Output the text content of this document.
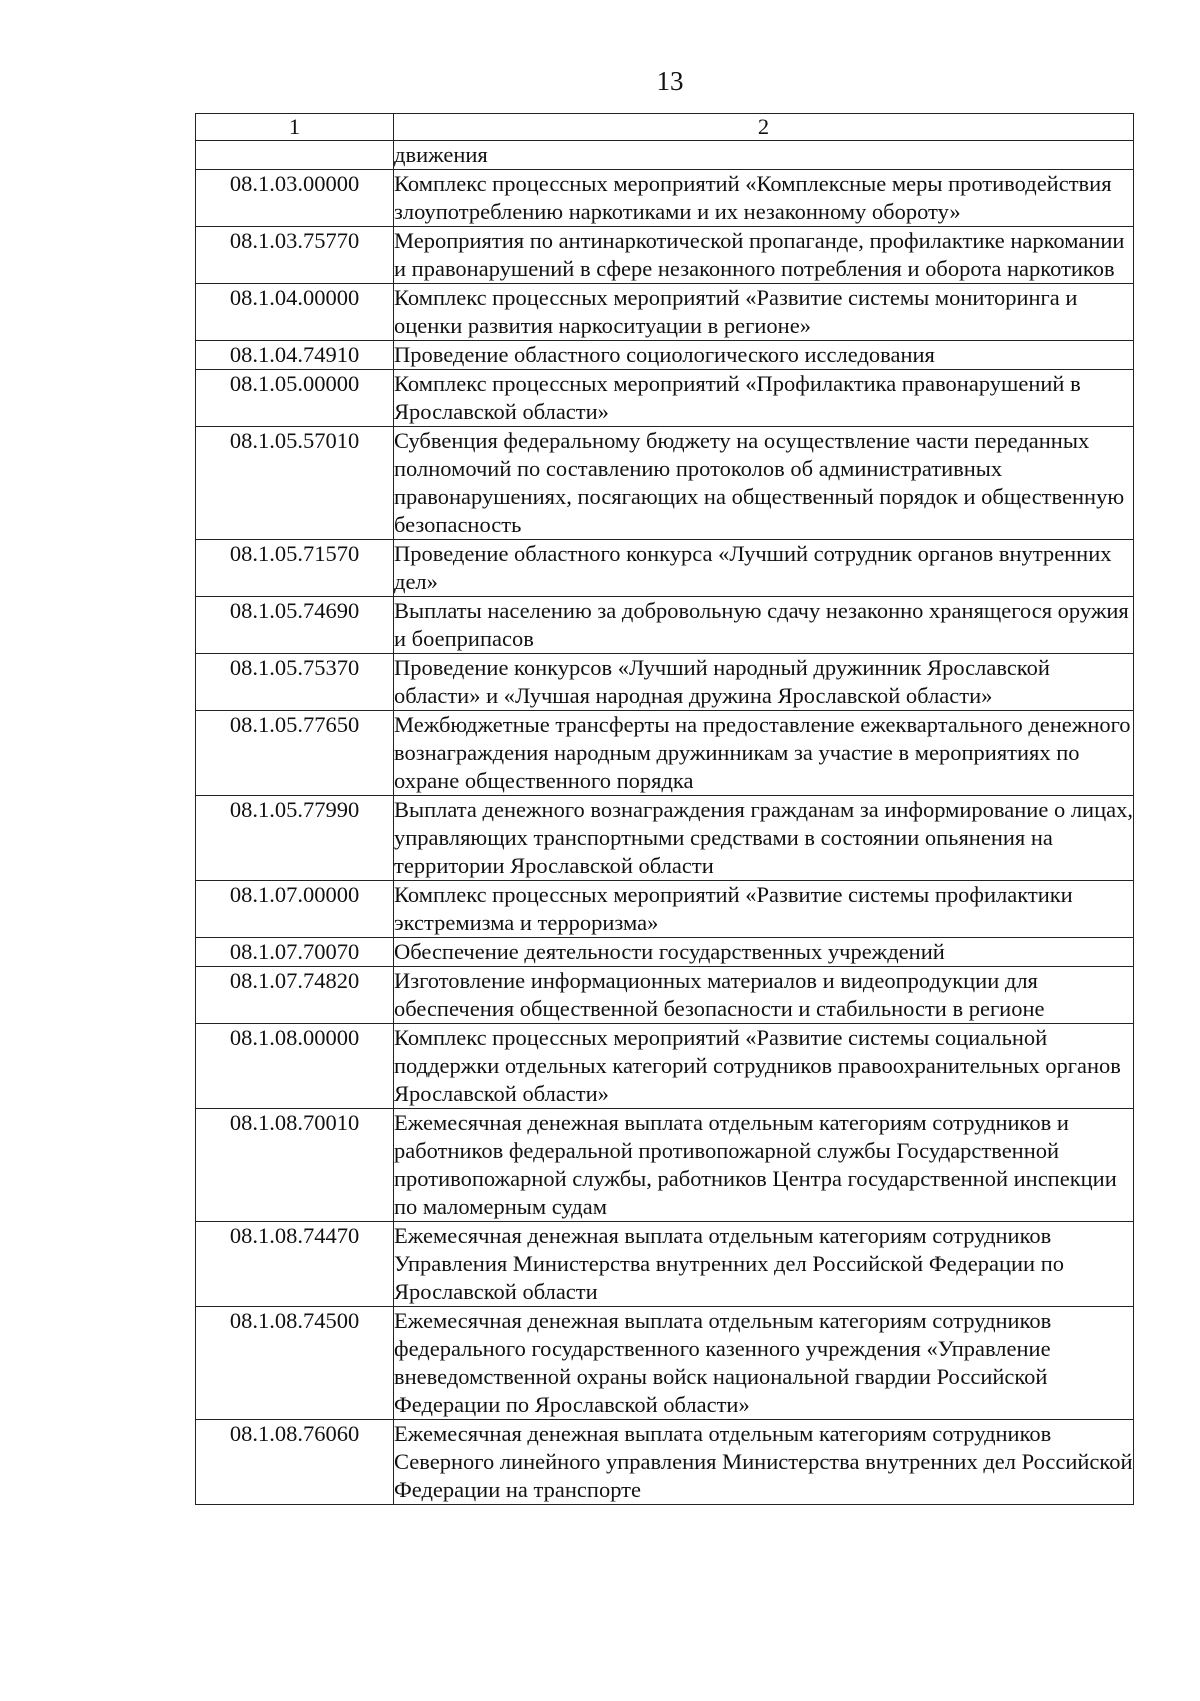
13
1	2
	движения
08.1.03.00000	Комплекс процессных мероприятий «Комплексные меры противодействия злоупотреблению наркотиками и их незаконному обороту»
08.1.03.75770	Мероприятия по антинаркотической пропаганде, профилактике наркомании и правонарушений в сфере незаконного потребления и оборота наркотиков
08.1.04.00000	Комплекс процессных мероприятий «Развитие системы мониторинга и оценки развития наркоситуации в регионе»
08.1.04.74910	Проведение областного социологического исследования
08.1.05.00000	Комплекс процессных мероприятий «Профилактика правонарушений в Ярославской области»
08.1.05.57010	Субвенция федеральному бюджету на осуществление части переданных полномочий по составлению протоколов об административных правонарушениях, посягающих на общественный порядок и общественную безопасность
08.1.05.71570	Проведение областного конкурса «Лучший сотрудник органов внутренних дел»
08.1.05.74690	Выплаты населению за добровольную сдачу незаконно хранящегося оружия и боеприпасов
08.1.05.75370	Проведение конкурсов «Лучший народный дружинник Ярославской области» и «Лучшая народная дружина Ярославской области»
08.1.05.77650	Межбюджетные трансферты на предоставление ежеквартального денежного вознаграждения народным дружинникам за участие в мероприятиях по охране общественного порядка
08.1.05.77990	Выплата денежного вознаграждения гражданам за информирование о лицах, управляющих транспортными средствами в состоянии опьянения на территории Ярославской области
08.1.07.00000	Комплекс процессных мероприятий «Развитие системы профилактики экстремизма и терроризма»
08.1.07.70070	Обеспечение деятельности государственных учреждений
08.1.07.74820	Изготовление информационных материалов и видеопродукции для обеспечения общественной безопасности и стабильности в регионе
08.1.08.00000	Комплекс процессных мероприятий «Развитие системы социальной поддержки отдельных категорий сотрудников правоохранительных органов Ярославской области»
08.1.08.70010	Ежемесячная денежная выплата отдельным категориям сотрудников и работников федеральной противопожарной службы Государственной противопожарной службы, работников Центра государственной инспекции по маломерным судам
08.1.08.74470	Ежемесячная денежная выплата отдельным категориям сотрудников Управления Министерства внутренних дел Российской Федерации по Ярославской области
08.1.08.74500	Ежемесячная денежная выплата отдельным категориям сотрудников федерального государственного казенного учреждения «Управление вневедомственной охраны войск национальной гвардии Российской Федерации по Ярославской области»
08.1.08.76060	Ежемесячная денежная выплата отдельным категориям сотрудников Северного линейного управления Министерства внутренних дел Российской Федерации на транспорте
